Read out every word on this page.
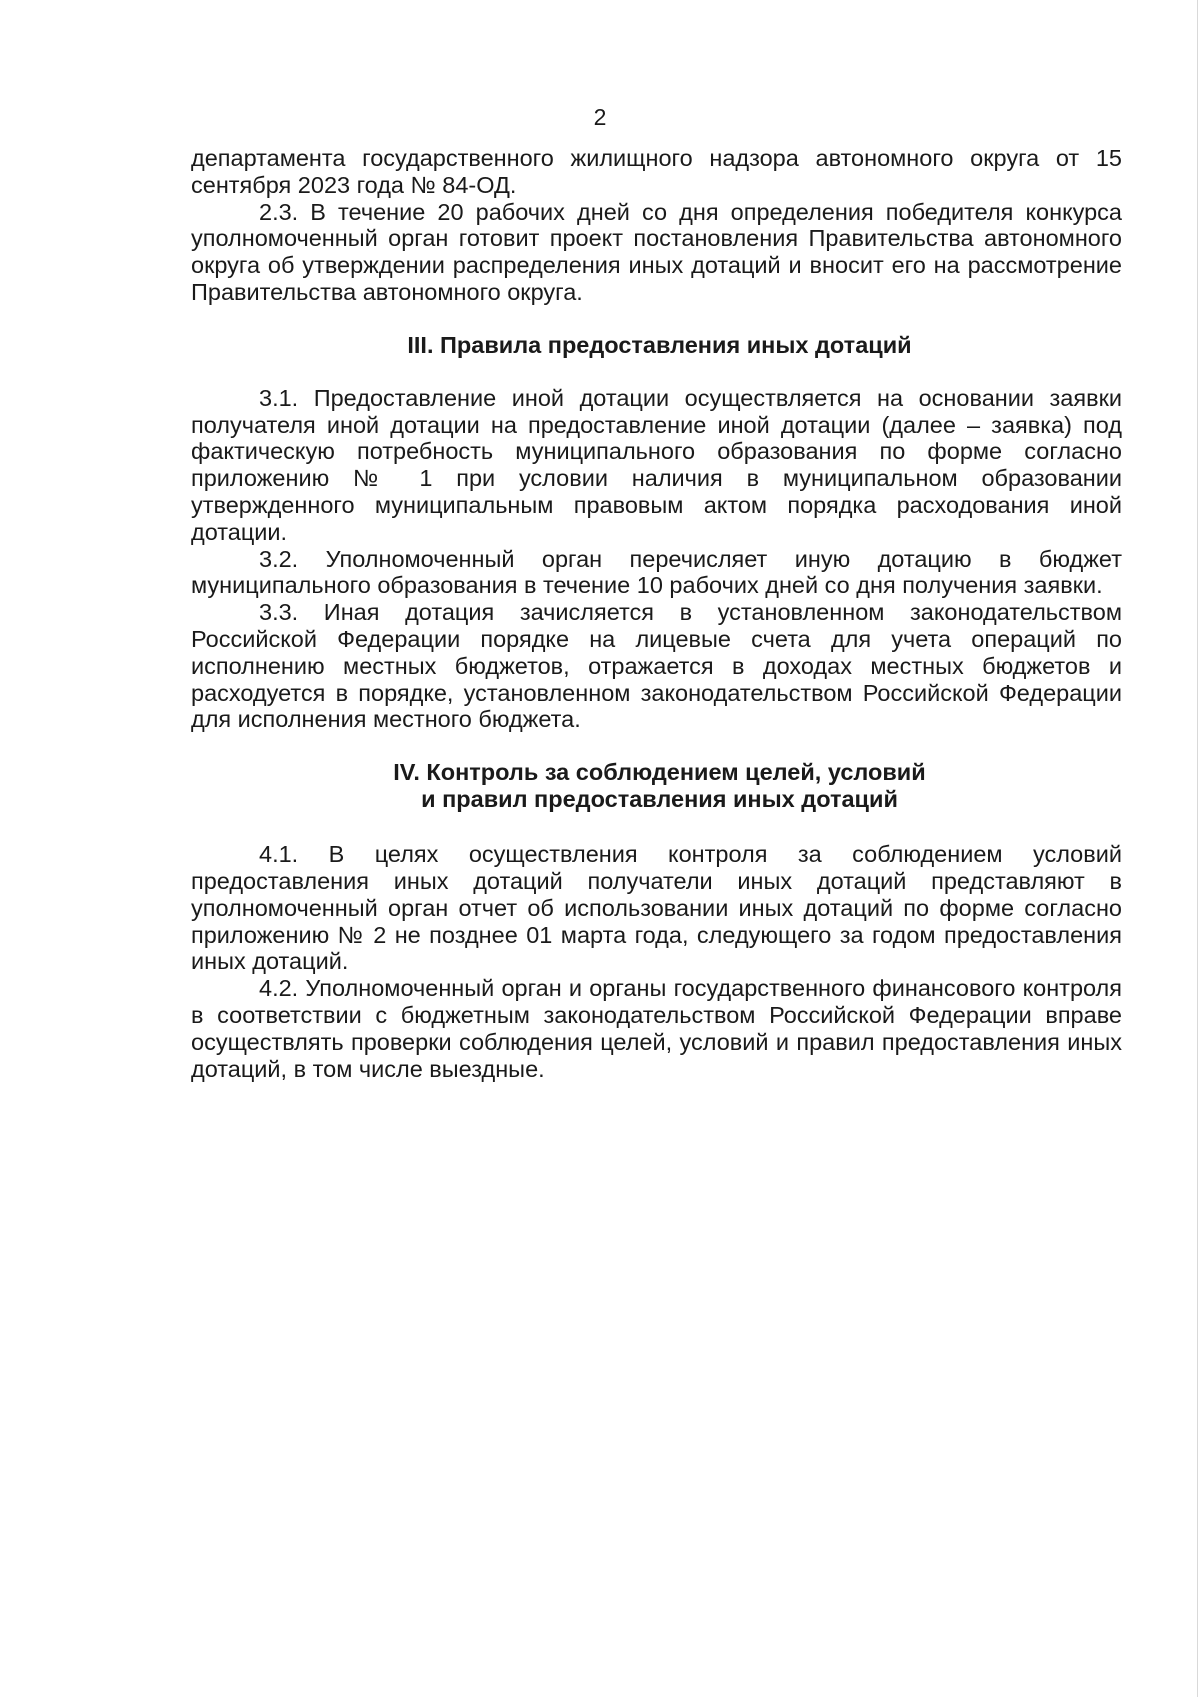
2

департамента государственного жилищного надзора автономного округа от 15 сентября 2023 года № 84-ОД.

2.3. В течение 20 рабочих дней со дня определения победителя конкурса уполномоченный орган готовит проект постановления Правительства автономного округа об утверждении распределения иных дотаций и вносит его на рассмотрение Правительства автономного округа.

III. Правила предоставления иных дотаций

3.1. Предоставление иной дотации осуществляется на основании заявки получателя иной дотации на предоставление иной дотации (далее – заявка) под фактическую потребность муниципального образования по форме согласно приложению № 1 при условии наличия в муниципальном образовании утвержденного муниципальным правовым актом порядка расходования иной дотации.

3.2. Уполномоченный орган перечисляет иную дотацию в бюджет муниципального образования в течение 10 рабочих дней со дня получения заявки.

3.3. Иная дотация зачисляется в установленном законодательством Российской Федерации порядке на лицевые счета для учета операций по исполнению местных бюджетов, отражается в доходах местных бюджетов и расходуется в порядке, установленном законодательством Российской Федерации для исполнения местного бюджета.

IV. Контроль за соблюдением целей, условий
и правил предоставления иных дотаций

4.1. В целях осуществления контроля за соблюдением условий предоставления иных дотаций получатели иных дотаций представляют в уполномоченный орган отчет об использовании иных дотаций по форме согласно приложению № 2 не позднее 01 марта года, следующего за годом предоставления иных дотаций.

4.2. Уполномоченный орган и органы государственного финансового контроля в соответствии с бюджетным законодательством Российской Федерации вправе осуществлять проверки соблюдения целей, условий и правил предоставления иных дотаций, в том числе выездные.
